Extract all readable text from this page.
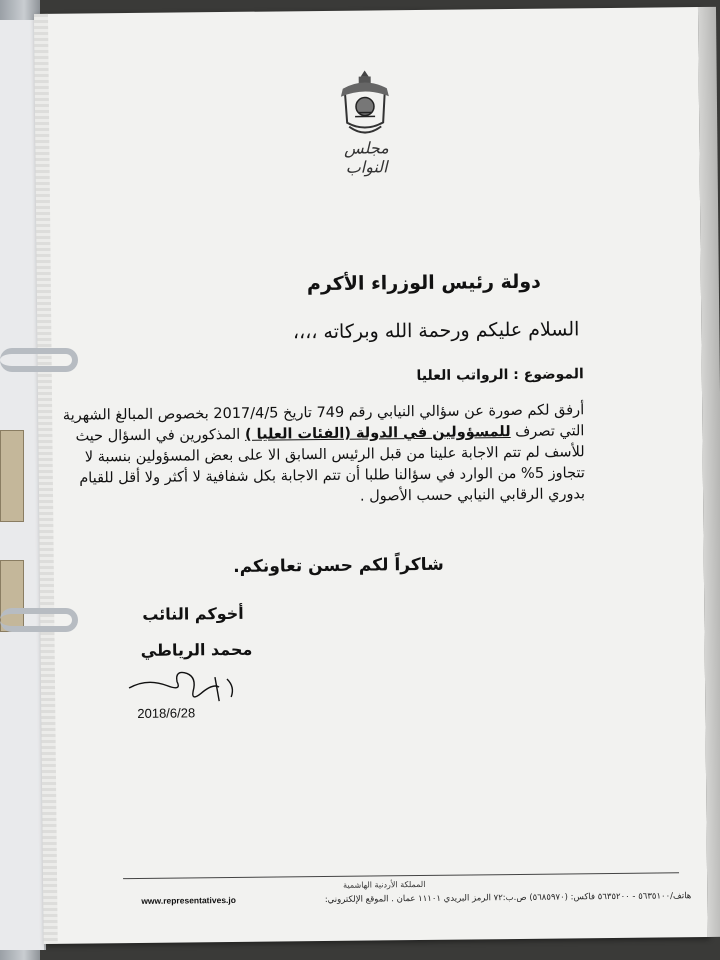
مجلس النواب
دولة رئيس الوزراء الأكرم
السلام عليكم ورحمة الله وبركاته ،،،،
الموضوع : الرواتب العليا
أرفق لكم صورة عن سؤالي النيابي رقم 749 تاريخ 2017/4/5 بخصوص المبالغ الشهرية التي تصرف للمسؤولين في الدولة (الفئات العليا ) المذكورين في السؤال حيث للأسف لم تتم الاجابة علينا من قبل الرئيس السابق الا على بعض المسؤولين بنسبة لا تتجاوز 5% من الوارد في سؤالنا طلبا أن تتم الاجابة بكل شفافية لا أكثر ولا أقل للقيام بدوري الرقابي النيابي حسب الأصول .
شاكراً لكم حسن تعاونكم.
أخوكم النائب
محمد الرياطي
2018/6/28
المملكة الأردنية الهاشمية
هاتف/٥٦٣٥١٠٠ - ٥٦٣٥٢٠٠ فاكس: (٥٦٨٥٩٧٠) ص.ب:٧٢ الرمز البريدي ١١١٠١ عمان . الموقع الإلكتروني:
www.representatives.jo
